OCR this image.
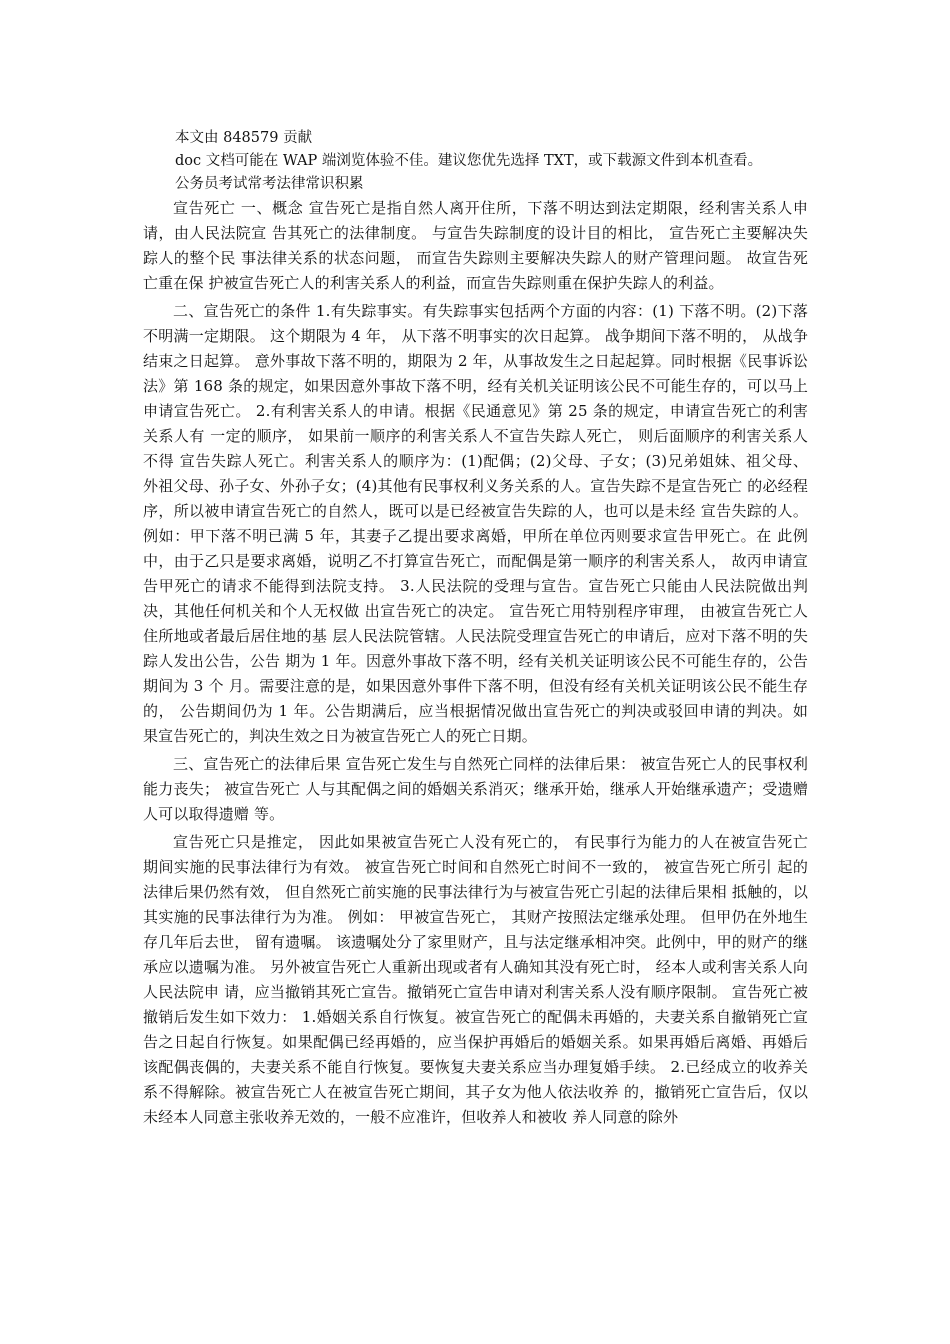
本文由 848579 贡献

doc 文档可能在 WAP 端浏览体验不佳。建议您优先选择 TXT，或下载源文件到本机查看。

公务员考试常考法律常识积累

宣告死亡 一、概念 宣告死亡是指自然人离开住所，下落不明达到法定期限，经利害关系人申请，由人民法院宣 告其死亡的法律制度。 与宣告失踪制度的设计目的相比， 宣告死亡主要解决失踪人的整个民 事法律关系的状态问题， 而宣告失踪则主要解决失踪人的财产管理问题。 故宣告死亡重在保 护被宣告死亡人的利害关系人的利益，而宣告失踪则重在保护失踪人的利益。

二、宣告死亡的条件 1.有失踪事实。有失踪事实包括两个方面的内容：(1) 下落不明。(2)下落不明满一定期限。 这个期限为 4 年， 从下落不明事实的次日起算。 战争期间下落不明的， 从战争结束之日起算。 意外事故下落不明的，期限为 2 年，从事故发生之日起起算。同时根据《民事诉讼法》第 168 条的规定，如果因意外事故下落不明，经有关机关证明该公民不可能生存的，可以马上 申请宣告死亡。 2.有利害关系人的申请。根据《民通意见》第 25 条的规定，申请宣告死亡的利害关系人有 一定的顺序， 如果前一顺序的利害关系人不宣告失踪人死亡， 则后面顺序的利害关系人不得 宣告失踪人死亡。利害关系人的顺序为：(1)配偶；(2)父母、子女；(3)兄弟姐妹、祖父母、 外祖父母、孙子女、外孙子女；(4)其他有民事权利义务关系的人。宣告失踪不是宣告死亡 的必经程序，所以被申请宣告死亡的自然人，既可以是已经被宣告失踪的人，也可以是未经 宣告失踪的人。 例如：甲下落不明已满 5 年，其妻子乙提出要求离婚，甲所在单位丙则要求宣告甲死亡。在 此例中，由于乙只是要求离婚，说明乙不打算宣告死亡，而配偶是第一顺序的利害关系人， 故丙申请宣告甲死亡的请求不能得到法院支持。 3.人民法院的受理与宣告。宣告死亡只能由人民法院做出判决，其他任何机关和个人无权做 出宣告死亡的决定。 宣告死亡用特别程序审理， 由被宣告死亡人住所地或者最后居住地的基 层人民法院管辖。人民法院受理宣告死亡的申请后，应对下落不明的失踪人发出公告，公告 期为 1 年。因意外事故下落不明，经有关机关证明该公民不可能生存的，公告期间为 3 个 月。需要注意的是，如果因意外事件下落不明，但没有经有关机关证明该公民不能生存的， 公告期间仍为 1 年。公告期满后，应当根据情况做出宣告死亡的判决或驳回申请的判决。如 果宣告死亡的，判决生效之日为被宣告死亡人的死亡日期。

三、宣告死亡的法律后果 宣告死亡发生与自然死亡同样的法律后果： 被宣告死亡人的民事权利能力丧失； 被宣告死亡 人与其配偶之间的婚姻关系消灭；继承开始，继承人开始继承遗产；受遗赠人可以取得遗赠 等。

宣告死亡只是推定， 因此如果被宣告死亡人没有死亡的， 有民事行为能力的人在被宣告死亡 期间实施的民事法律行为有效。 被宣告死亡时间和自然死亡时间不一致的， 被宣告死亡所引 起的法律后果仍然有效， 但自然死亡前实施的民事法律行为与被宣告死亡引起的法律后果相 抵触的，以其实施的民事法律行为为准。 例如： 甲被宣告死亡， 其财产按照法定继承处理。 但甲仍在外地生存几年后去世， 留有遗嘱。 该遗嘱处分了家里财产，且与法定继承相冲突。此例中，甲的财产的继承应以遗嘱为准。 另外被宣告死亡人重新出现或者有人确知其没有死亡时， 经本人或利害关系人向人民法院申 请，应当撤销其死亡宣告。撤销死亡宣告申请对利害关系人没有顺序限制。 宣告死亡被撤销后发生如下效力： 1.婚姻关系自行恢复。被宣告死亡的配偶未再婚的，夫妻关系自撤销死亡宣告之日起自行恢复。如果配偶已经再婚的，应当保护再婚后的婚姻关系。如果再婚后离婚、再婚后该配偶丧偶的，夫妻关系不能自行恢复。要恢复夫妻关系应当办理复婚手续。 2.已经成立的收养关系不得解除。被宣告死亡人在被宣告死亡期间，其子女为他人依法收养 的，撤销死亡宣告后，仅以未经本人同意主张收养无效的，一般不应准许，但收养人和被收 养人同意的除外
